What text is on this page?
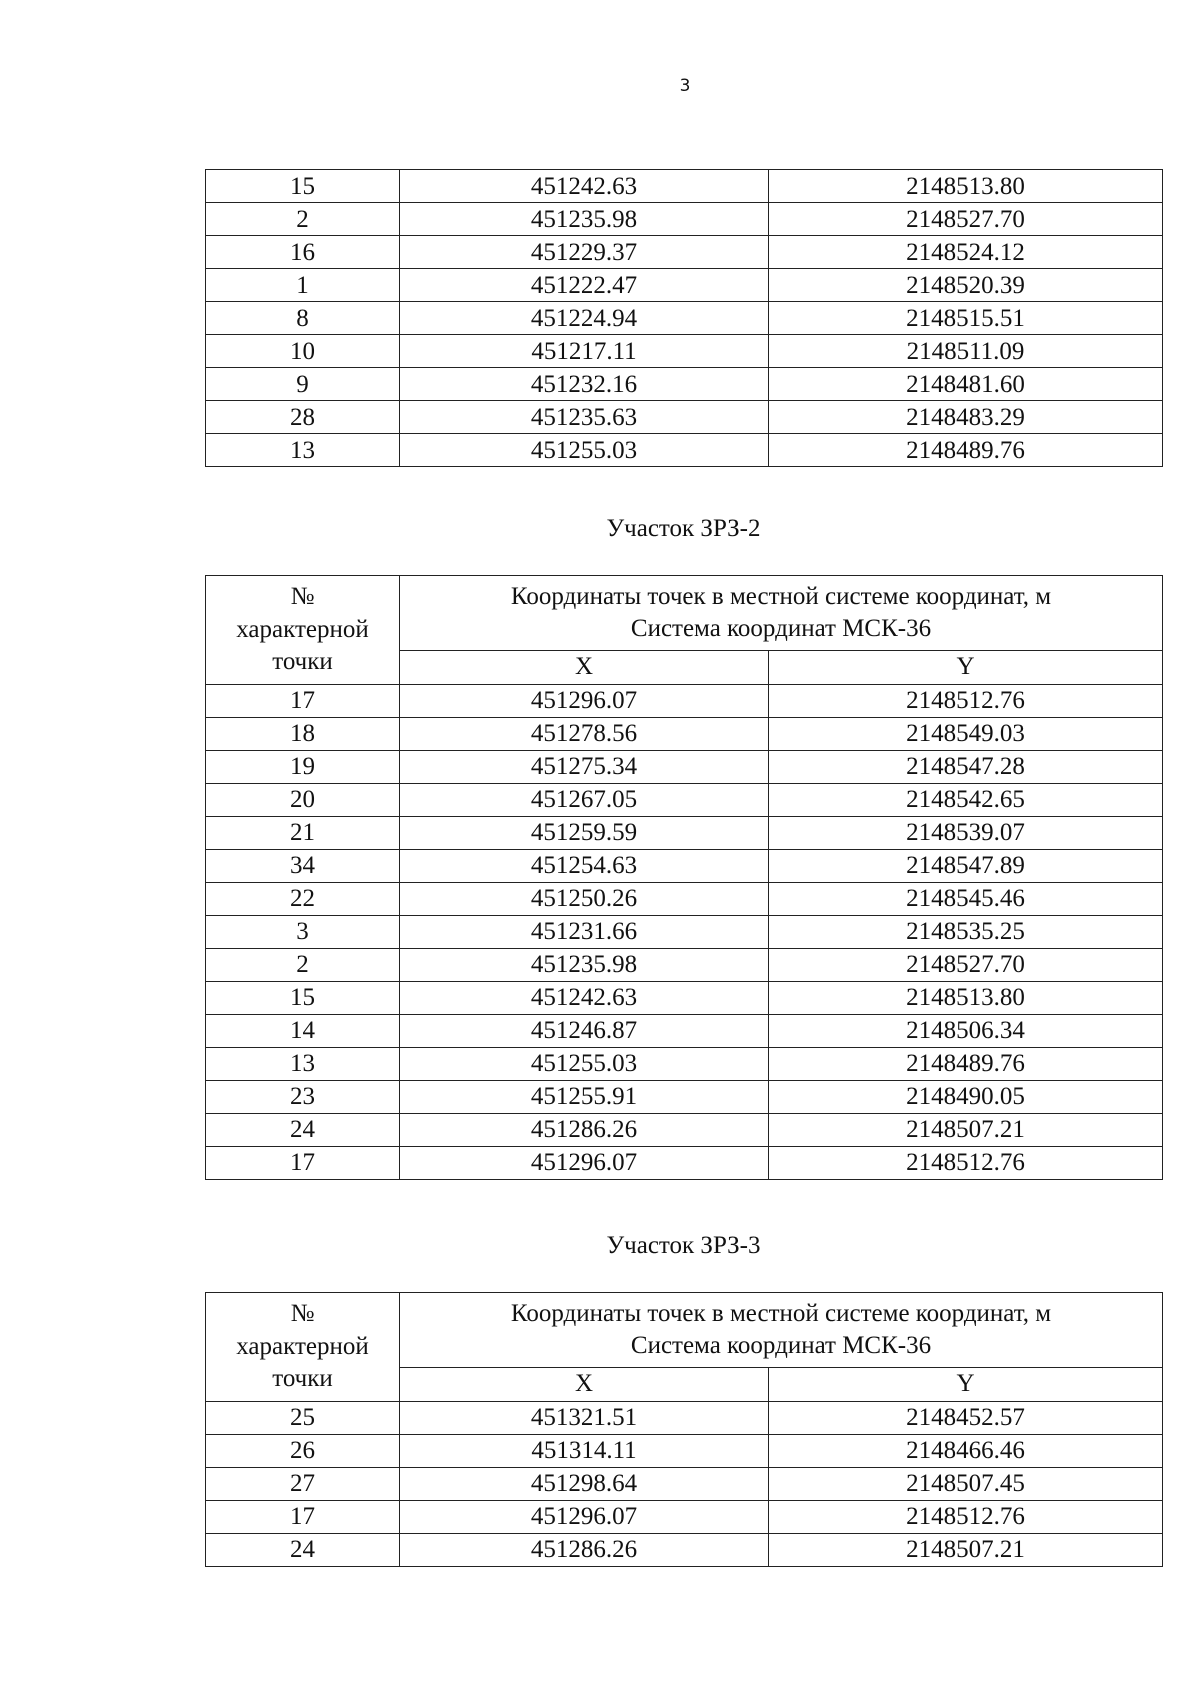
3
15	451242.63	2148513.80
2	451235.98	2148527.70
16	451229.37	2148524.12
1	451222.47	2148520.39
8	451224.94	2148515.51
10	451217.11	2148511.09
9	451232.16	2148481.60
28	451235.63	2148483.29
13	451255.03	2148489.76
Участок ЗРЗ-2
№
характерной
точки	Координаты точек в местной системе координат, м
Система координат МСК-36	
	X	Y
17	451296.07	2148512.76
18	451278.56	2148549.03
19	451275.34	2148547.28
20	451267.05	2148542.65
21	451259.59	2148539.07
34	451254.63	2148547.89
22	451250.26	2148545.46
3	451231.66	2148535.25
2	451235.98	2148527.70
15	451242.63	2148513.80
14	451246.87	2148506.34
13	451255.03	2148489.76
23	451255.91	2148490.05
24	451286.26	2148507.21
17	451296.07	2148512.76
Участок ЗРЗ-3
№
характерной
точки	Координаты точек в местной системе координат, м
Система координат МСК-36	
	X	Y
25	451321.51	2148452.57
26	451314.11	2148466.46
27	451298.64	2148507.45
17	451296.07	2148512.76
24	451286.26	2148507.21
